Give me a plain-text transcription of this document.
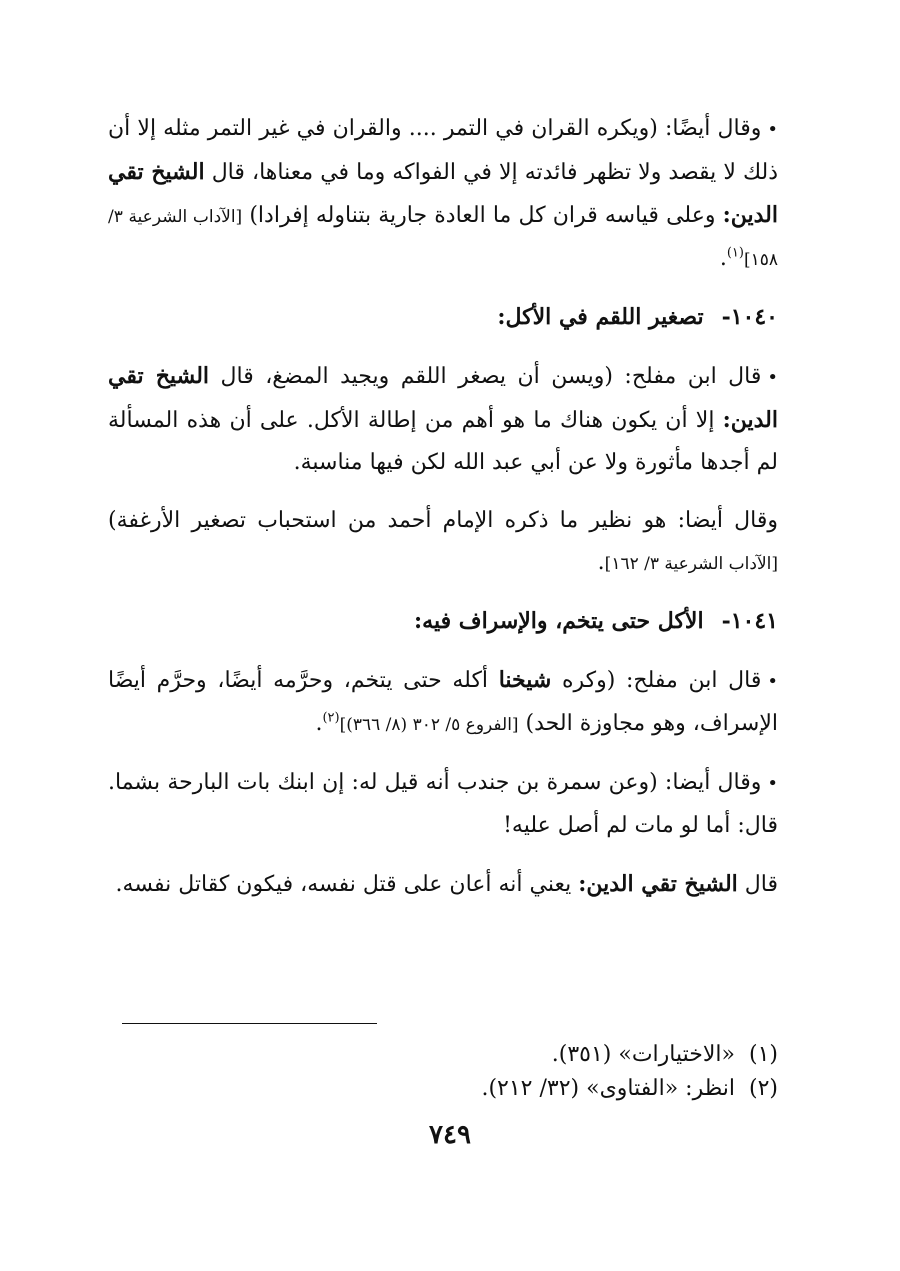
•وقال أيضًا: (ويكره القران في التمر .... والقران في غير التمر مثله إلا أن ذلك لا يقصد ولا تظهر فائدته إلا في الفواكه وما في معناها، قال الشيخ تقي الدين: وعلى قياسه قران كل ما العادة جارية بتناوله إفرادا) [الآداب الشرعية ٣/ ١٥٨]$^{(١)}$.

١٠٤٠-تصغير اللقم في الأكل:

•قال ابن مفلح: (ويسن أن يصغر اللقم ويجيد المضغ، قال الشيخ تقي الدين: إلا أن يكون هناك ما هو أهم من إطالة الأكل. على أن هذه المسألة لم أجدها مأثورة ولا عن أبي عبد الله لكن فيها مناسبة.

وقال أيضا: هو نظير ما ذكره الإمام أحمد من استحباب تصغير الأرغفة) [الآداب الشرعية ٣/ ١٦٢].

١٠٤١-الأكل حتى يتخم، والإسراف فيه:

•قال ابن مفلح: (وكره شيخنا أكله حتى يتخم، وحرَّمه أيضًا، وحرَّم أيضًا الإسراف، وهو مجاوزة الحد) [الفروع ٥/ ٣٠٢ (٨/ ٣٦٦)]$^{(٢)}$.

•وقال أيضا: (وعن سمرة بن جندب أنه قيل له: إن ابنك بات البارحة بشما. قال: أما لو مات لم أصل عليه!

قال الشيخ تقي الدين: يعني أنه أعان على قتل نفسه، فيكون كقاتل نفسه.

(١)«الاختيارات» (٣٥١).

(٢)انظر: «الفتاوى» (٣٢/ ٢١٢).

٧٤٩
